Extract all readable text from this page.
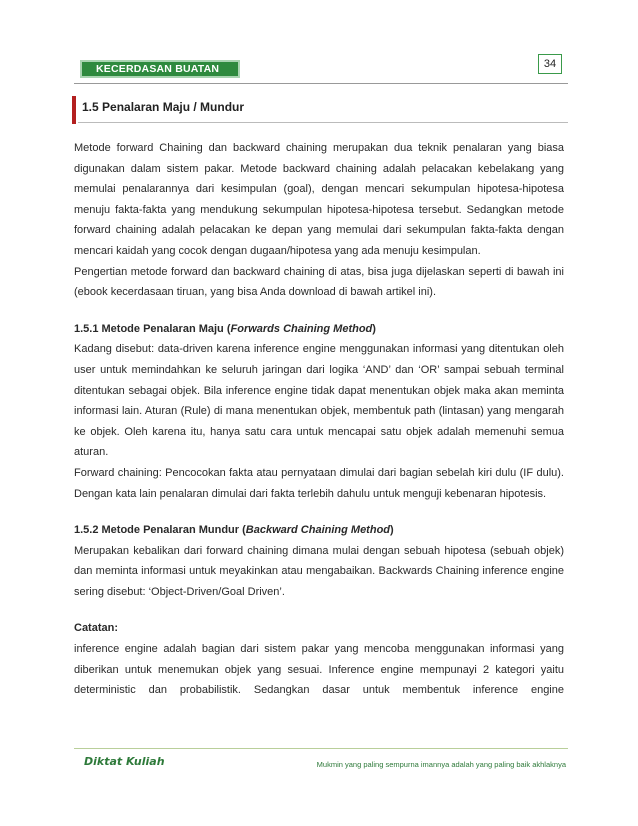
KECERDASAN BUATAN	34
1.5 Penalaran Maju / Mundur

Metode forward Chaining dan backward chaining merupakan dua teknik penalaran yang biasa digunakan dalam sistem pakar. Metode backward chaining adalah pelacakan kebelakang yang memulai penalarannya dari kesimpulan (goal), dengan mencari sekumpulan hipotesa-hipotesa menuju fakta-fakta yang mendukung sekumpulan hipotesa-hipotesa tersebut. Sedangkan metode forward chaining adalah pelacakan ke depan yang memulai dari sekumpulan fakta-fakta dengan mencari kaidah yang cocok dengan dugaan/hipotesa yang ada menuju kesimpulan.

Pengertian metode forward dan backward chaining di atas, bisa juga dijelaskan seperti di bawah ini (ebook kecerdasaan tiruan, yang bisa Anda download di bawah artikel ini).

1.5.1 Metode Penalaran Maju (Forwards Chaining Method)

Kadang disebut: data-driven karena inference engine menggunakan informasi yang ditentukan oleh user untuk memindahkan ke seluruh jaringan dari logika ‘AND’ dan ‘OR’ sampai sebuah terminal ditentukan sebagai objek. Bila inference engine tidak dapat menentukan objek maka akan meminta informasi lain. Aturan (Rule) di mana menentukan objek, membentuk path (lintasan) yang mengarah ke objek. Oleh karena itu, hanya satu cara untuk mencapai satu objek adalah memenuhi semua aturan.

Forward chaining: Pencocokan fakta atau pernyataan dimulai dari bagian sebelah kiri dulu (IF dulu). Dengan kata lain penalaran dimulai dari fakta terlebih dahulu untuk menguji kebenaran hipotesis.

1.5.2 Metode Penalaran Mundur (Backward Chaining Method)

Merupakan kebalikan dari forward chaining dimana mulai dengan sebuah hipotesa (sebuah objek) dan meminta informasi untuk meyakinkan atau mengabaikan. Backwards Chaining inference engine sering disebut: ‘Object-Driven/Goal Driven’.

Catatan:

inference engine adalah bagian dari sistem pakar yang mencoba menggunakan informasi yang diberikan untuk menemukan objek yang sesuai. Inference engine mempunayi 2 kategori yaitu deterministic dan probabilistik. Sedangkan dasar untuk membentuk inference engine

Diktat Kuliah	Mukmin yang paling sempurna imannya adalah yang paling baik akhlaknya
